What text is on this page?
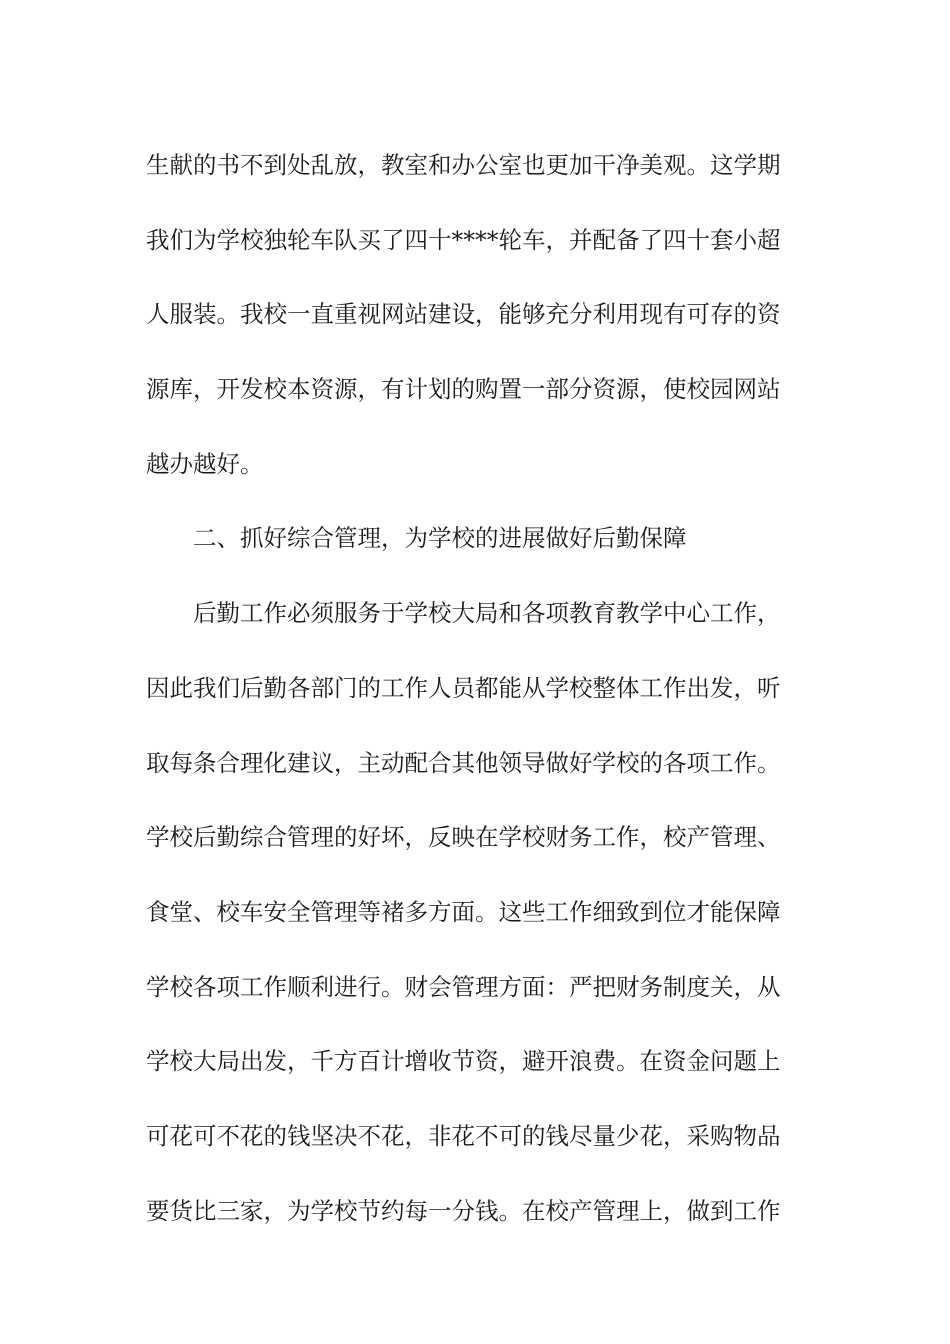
生献的书不到处乱放，教室和办公室也更加干净美观。这学期
我们为学校独轮车队买了四十****轮车，并配备了四十套小超
人服装。我校一直重视网站建设，能够充分利用现有可存的资
源库，开发校本资源，有计划的购置一部分资源，使校园网站
越办越好。
二、抓好综合管理，为学校的进展做好后勤保障
后勤工作必须服务于学校大局和各项教育教学中心工作，
因此我们后勤各部门的工作人员都能从学校整体工作出发，听
取每条合理化建议，主动配合其他领导做好学校的各项工作。
学校后勤综合管理的好坏，反映在学校财务工作，校产管理、
食堂、校车安全管理等褚多方面。这些工作细致到位才能保障
学校各项工作顺利进行。财会管理方面：严把财务制度关，从
学校大局出发，千方百计增收节资，避开浪费。在资金问题上
可花可不花的钱坚决不花，非花不可的钱尽量少花，采购物品
要货比三家，为学校节约每一分钱。在校产管理上，做到工作
